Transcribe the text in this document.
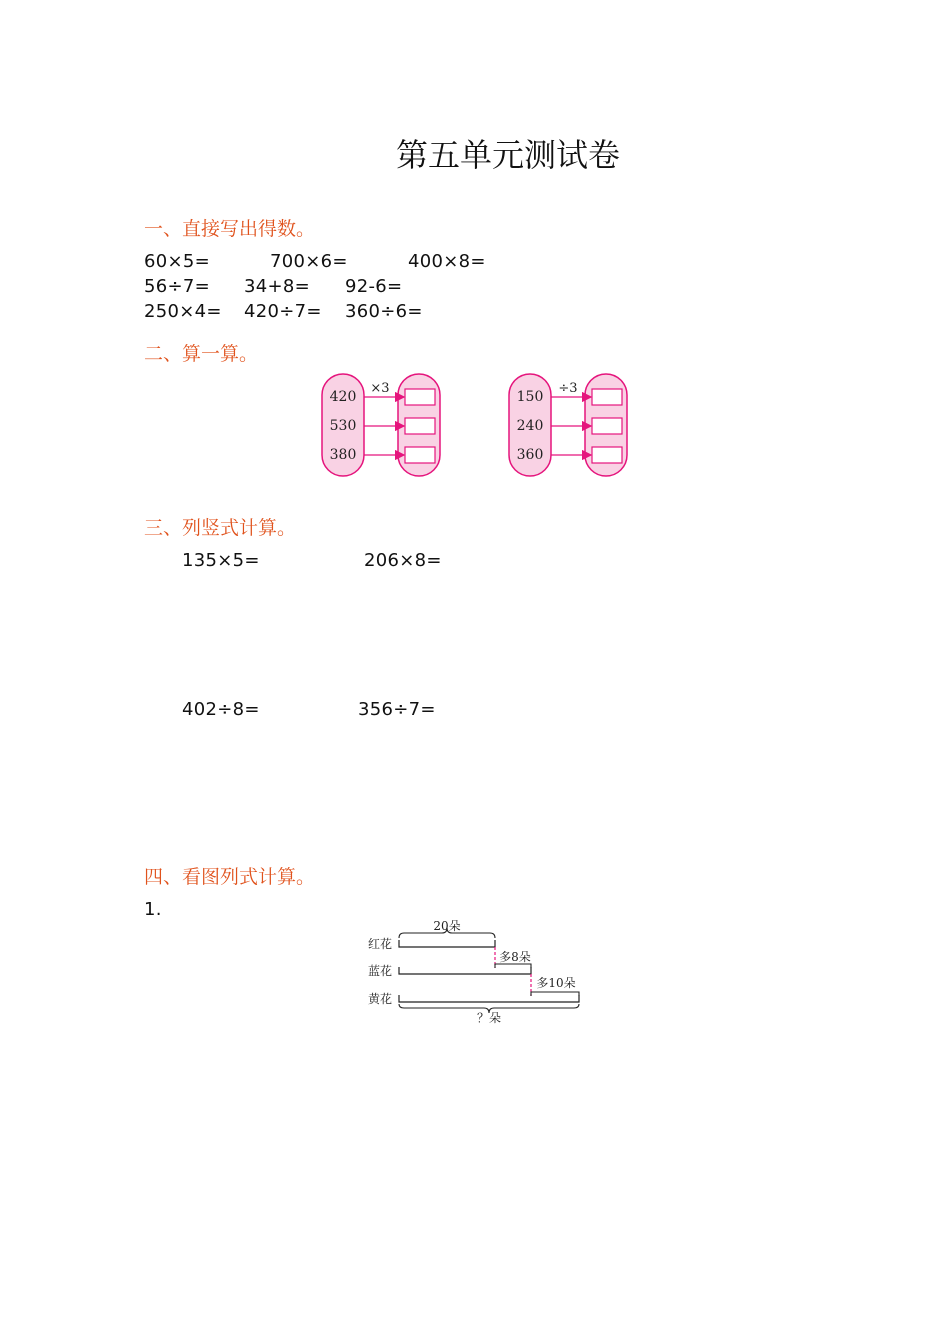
第五单元测试卷
一、直接写出得数。
60×5=	700×6=	400×8=
56÷7= 34+8= 92-6=
250×4= 420÷7= 360÷6=
二、算一算。
420
530
380
×3
150
240
360
÷3
三、列竖式计算。
135×5=	206×8=
402÷8=	356÷7=
四、看图列式计算。
1.
红花
蓝花
黄花
20朵
多8朵
多10朵
？朵
